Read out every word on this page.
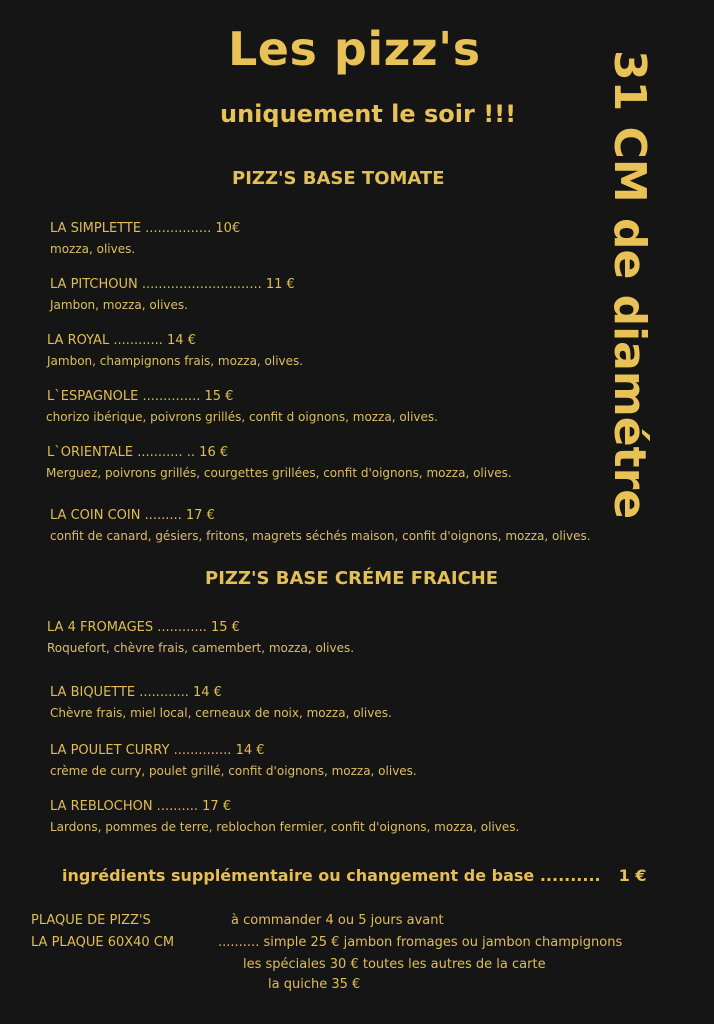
Les pizz's
uniquement le soir !!! 31 CM de diamétre
PIZZ'S BASE TOMATE
LA SIMPLETTE ................ 10€
mozza, olives.
LA PITCHOUN ............................. 11 €
Jambon, mozza, olives.
LA ROYAL ............ 14 €
Jambon, champignons frais, mozza, olives.
L`ESPAGNOLE .............. 15 €
chorizo ibérique, poivrons grillés, confit d oignons, mozza, olives.
L`ORIENTALE ........... .. 16 €
Merguez, poivrons grillés, courgettes grillées, confit d'oignons, mozza, olives.
LA COIN COIN ......... 17 €
confit de canard, gésiers, fritons, magrets séchés maison, confit d'oignons, mozza, olives.
PIZZ'S BASE CRÉME FRAICHE
LA 4 FROMAGES ............ 15 €
Roquefort, chèvre frais, camembert, mozza, olives.
LA BIQUETTE ............ 14 €
Chèvre frais, miel local, cerneaux de noix, mozza, olives.
LA POULET CURRY .............. 14 €
crème de curry, poulet grillé, confit d'oignons, mozza, olives.
LA REBLOCHON .......... 17 €
Lardons, pommes de terre, reblochon fermier, confit d'oignons, mozza, olives.
ingrédients supplémentaire ou changement de base .......... 1 €
PLAQUE DE PIZZ'S	à commander 4 ou 5 jours avant
LA PLAQUE 60X40 CM	.......... simple 25 € jambon fromages ou jambon champignons
les spéciales 30 € toutes les autres de la carte
la quiche 35 €
